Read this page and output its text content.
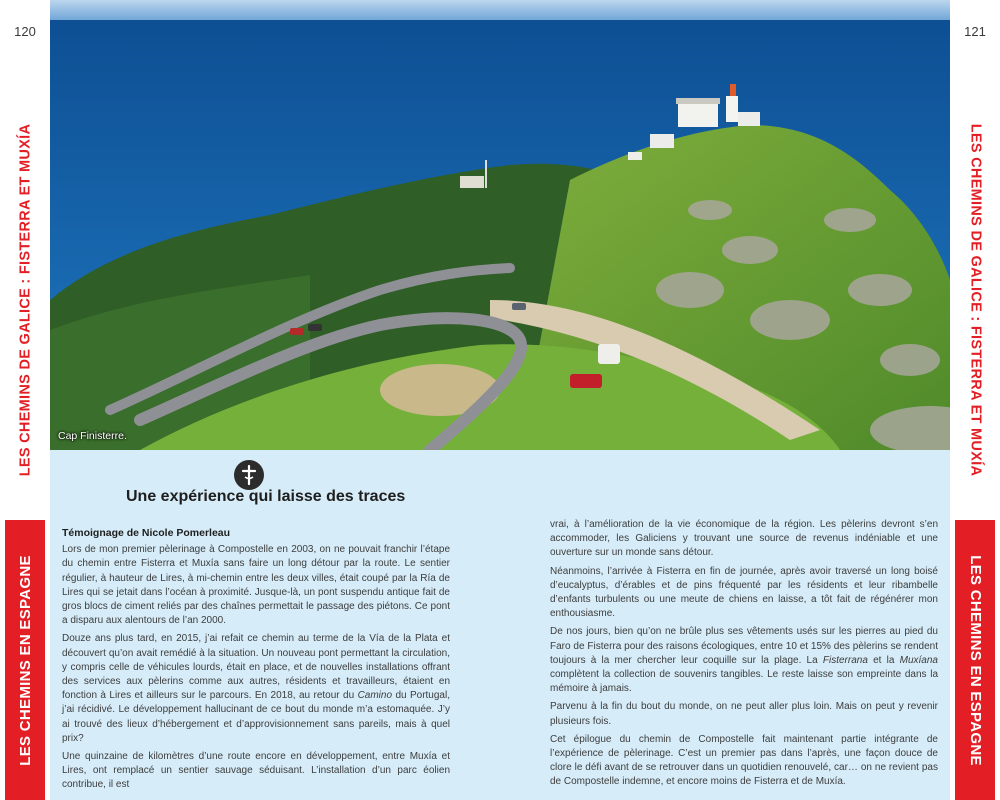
120
LES CHEMINS DE GALICE : FISTERRA ET MUXÍA
LES CHEMINS EN ESPAGNE
121
LES CHEMINS DE GALICE : FISTERRA ET MUXÍA
LES CHEMINS EN ESPAGNE
Cap Finisterre.
Une expérience qui laisse des traces

Témoignage de Nicole Pomerleau

Lors de mon premier pèlerinage à Compostelle en 2003, on ne pouvait franchir l’étape du chemin entre Fisterra et Muxía sans faire un long détour par la route. Le sentier régulier, à hauteur de Lires, à mi-chemin entre les deux villes, était coupé par la Ría de Lires qui se jetait dans l’océan à proximité. Jusque-là, un pont suspendu antique fait de gros blocs de ciment reliés par des chaînes permettait le passage des piétons. Ce pont a disparu aux alentours de l’an 2000.

Douze ans plus tard, en 2015, j’ai refait ce chemin au terme de la Vía de la Plata et découvert qu’on avait remédié à la situation. Un nouveau pont permettant la circulation, y compris celle de véhicules lourds, était en place, et de nouvelles installations offrant des services aux pèlerins comme aux autres, résidents et travailleurs, étaient en fonction à Lires et ailleurs sur le parcours. En 2018, au retour du Camino du Portugal, j’ai récidivé. Le développement hallucinant de ce bout du monde m’a estomaquée. J’y ai trouvé des lieux d’hébergement et d’approvisionnement sans pareils, mais à quel prix?

Une quinzaine de kilomètres d’une route encore en développement, entre Muxía et Lires, ont remplacé un sentier sauvage séduisant. L’installation d’un parc éolien contribue, il est

vrai, à l’amélioration de la vie économique de la région. Les pèlerins devront s’en accommoder, les Galiciens y trouvant une source de revenus indéniable et une ouverture sur un monde sans détour.

Néanmoins, l’arrivée à Fisterra en fin de journée, après avoir traversé un long boisé d’eucalyptus, d’érables et de pins fréquenté par les résidents et leur ribambelle d’enfants turbulents ou une meute de chiens en laisse, a tôt fait de régénérer mon enthousiasme.

De nos jours, bien qu’on ne brûle plus ses vêtements usés sur les pierres au pied du Faro de Fisterra pour des raisons écologiques, entre 10 et 15% des pèlerins se rendent toujours à la mer chercher leur coquille sur la plage. La Fisterrana et la Muxíana complètent la collection de souvenirs tangibles. Le reste laisse son empreinte dans la mémoire à jamais.

Parvenu à la fin du bout du monde, on ne peut aller plus loin. Mais on peut y revenir plusieurs fois.

Cet épilogue du chemin de Compostelle fait maintenant partie intégrante de l’expérience de pèlerinage. C’est un premier pas dans l’après, une façon douce de clore le défi avant de se retrouver dans un quotidien renouvelé, car… on ne revient pas de Compostelle indemne, et encore moins de Fisterra et de Muxía.
